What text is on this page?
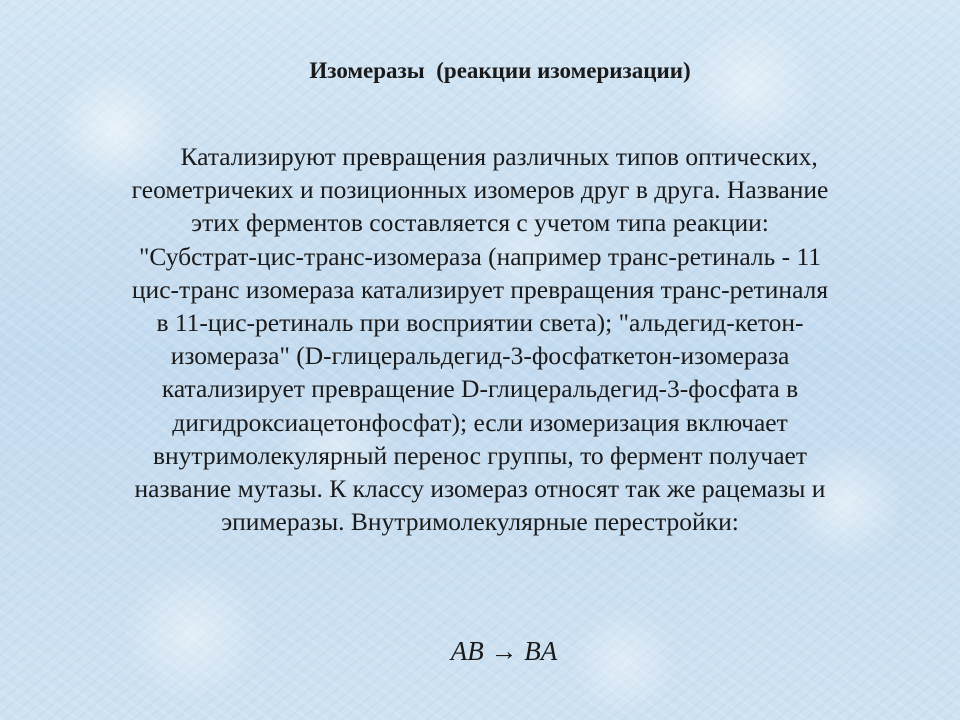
Изомеразы  (реакции изомеризации)
Катализируют превращения различных типов оптических,
геометричеких и позиционных изомеров друг в друга. Название
этих ферментов составляется с учетом типа реакции:
"Субстрат-цис-транс-изомераза (например транс-ретиналь - 11
цис-транс изомераза катализирует превращения транс-ретиналя
в 11-цис-ретиналь при восприятии света); "альдегид-кетон-
изомераза" (D-глицеральдегид-3-фосфаткетон-изомераза
катализирует превращение D-глицеральдегид-3-фосфата в
дигидроксиацетонфосфат); если изомеризация включает
внутримолекулярный перенос группы, то фермент получает
название мутазы. К классу изомераз относят так же рацемазы и
эпимеразы. Внутримолекулярные перестройки:
AB → BA
